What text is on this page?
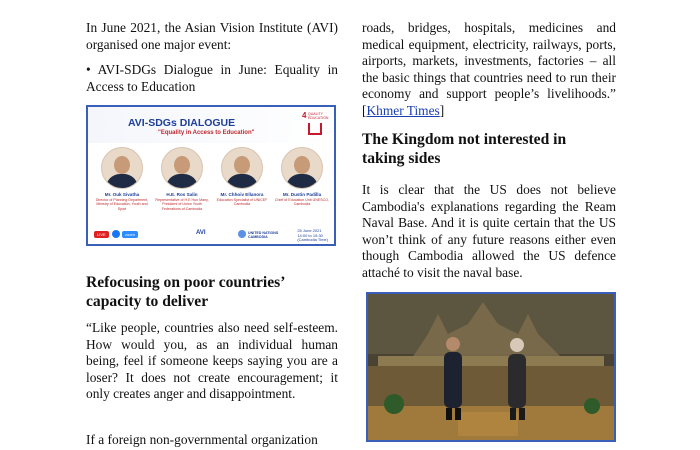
In June 2021, the Asian Vision Institute (AVI) organised one major event:

• AVI-SDGs Dialogue in June: Equality in Access to Education

AVI-SDGs DIALOGUE
"Equality in Access to Education"
4 QUALITY EDUCATION
Mr. Ouk Sivatha
Director of Planning Department, Ministry of Education, Youth and Sport
H.E. Ros Salin
Representative of H.E Hun Many, President of Union Youth Federations of Cambodia
Mr. Chhoiv Ellanora
Education Specialist of UNICEF Cambodia
Mr. Dustin Padilla
Chief of Education Unit UNESCO, Cambodia
LIVE	zoom	AVI	UNITED NATIONS CAMBODIA
25 June 2021
14:00 to 15:30
(Cambodia Time)
Refocusing on poor countries’ capacity to deliver

“Like people, countries also need self-esteem. How would you, as an individual human being, feel if someone keeps saying you are a loser? It does not create encouragement; it only creates anger and disappointment.

If a foreign non-governmental organization

roads, bridges, hospitals, medicines and medical equipment, electricity, railways, ports, airports, markets, investments, factories – all the basic things that countries need to run their economy and support people’s livelihoods.” [Khmer Times]

The Kingdom not interested in taking sides

It is clear that the US does not believe Cambodia's explanations regarding the Ream Naval Base. And it is quite certain that the US won’t think of any future reasons either even though Cambodia allowed the US defence attaché to visit the naval base.
